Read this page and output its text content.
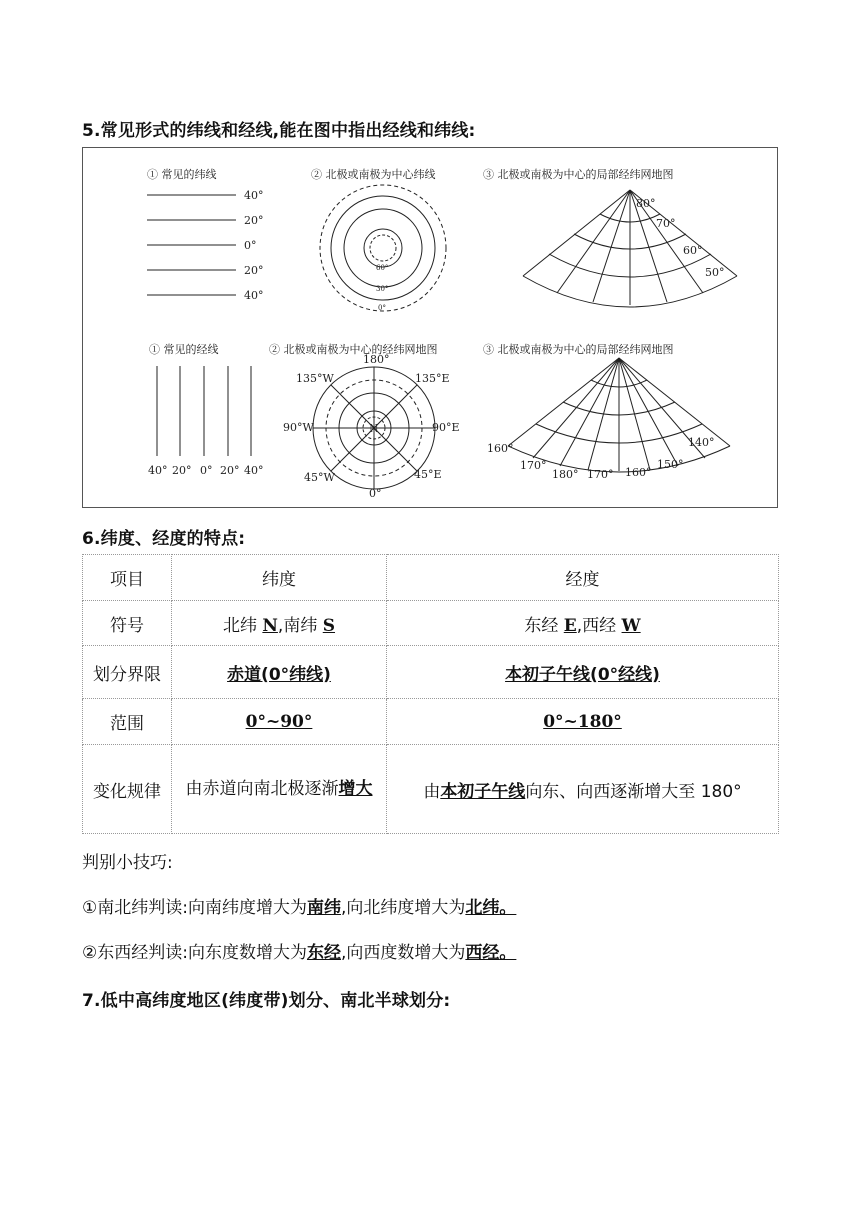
5.常见形式的纬线和经线,能在图中指出经线和纬线:
① 常见的纬线
40°
20°
0°
20°
40°
② 北极或南极为中心纬线
60°
30°
0°
③ 北极或南极为中心的局部经纬网地图
80°
70°
60°
50°
① 常见的经线
40° 20° 0° 20° 40°
② 北极或南极为中心的经纬网地图
180°
135°W	135°E
90°W	N	90°E
45°W	45°E
0°
③ 北极或南极为中心的局部经纬网地图
160°
170°
180° 170° 160°
150°
140°
6.纬度、经度的特点:
项目	纬度	经度
符号	北纬 N,南纬 S	东经 E,西经 W
划分界限	赤道(0°纬线)	本初子午线(0°经线)
范围	0°~90°	0°~180°
变化规律	由赤道向南北极逐渐增大	由本初子午线向东、向西逐渐增大至 180°
判别小技巧:
①南北纬判读:向南纬度增大为南纬,向北纬度增大为北纬。
②东西经判读:向东度数增大为东经,向西度数增大为西经。
7.低中高纬度地区(纬度带)划分、南北半球划分:
